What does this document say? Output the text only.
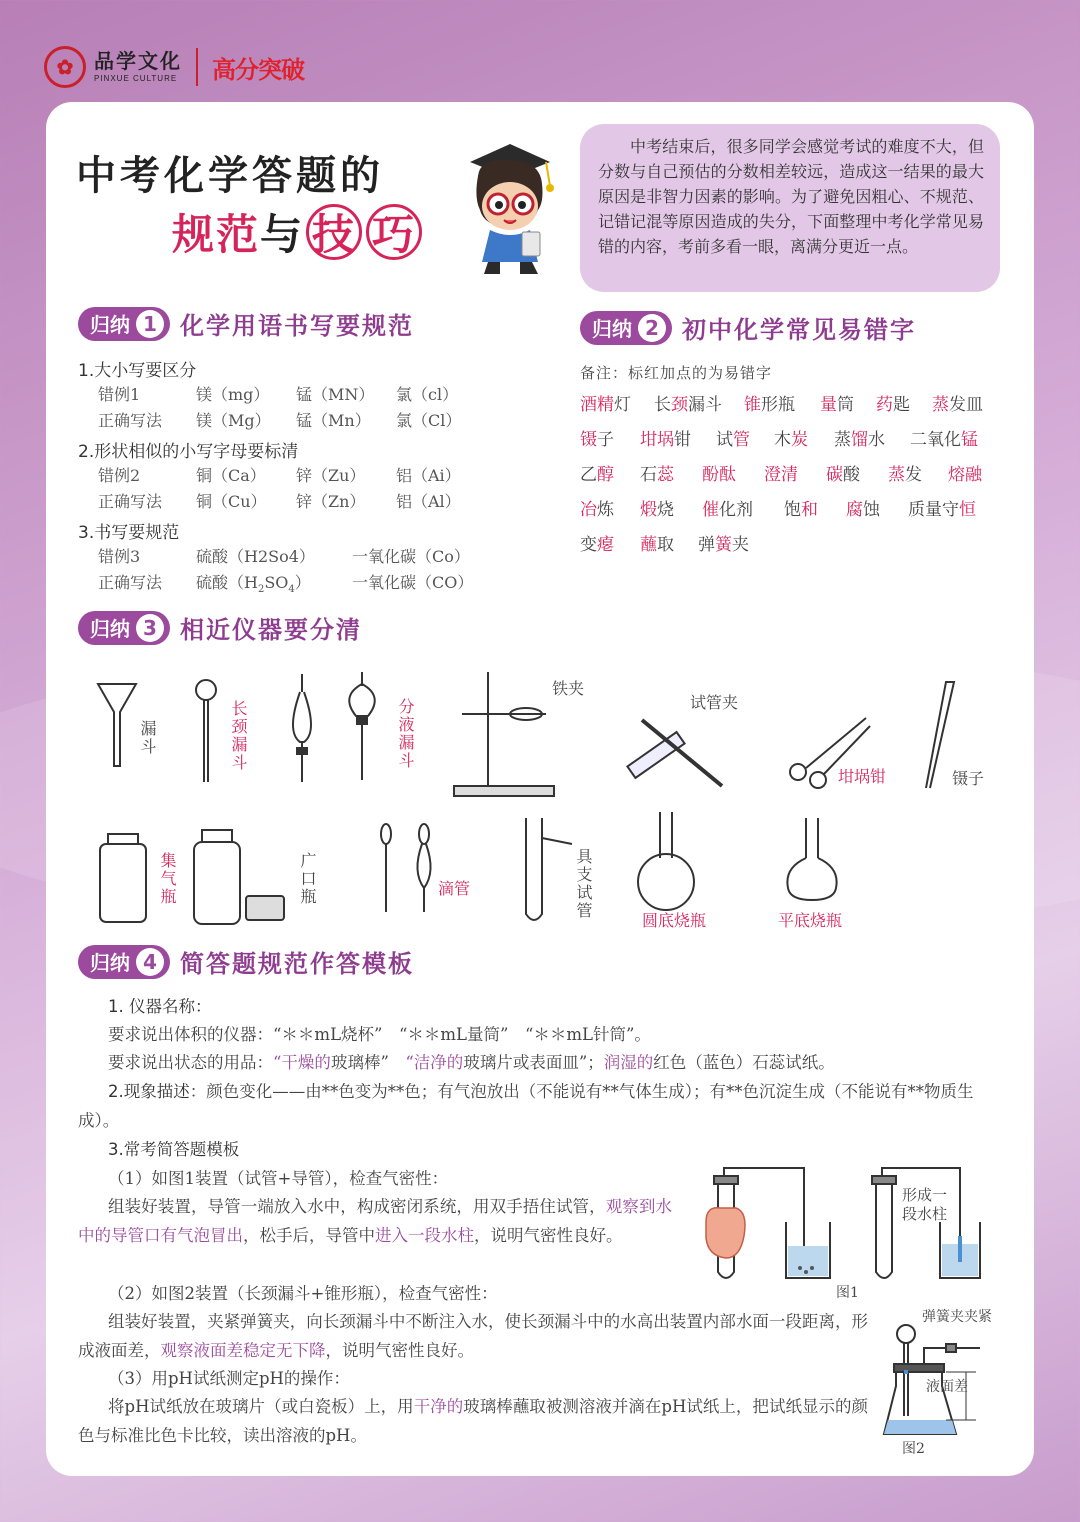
✿	品学文化
PINXUE CULTURE 高分突破
中考化学答题的
规范 与 技 巧
中考结束后，很多同学会感觉考试的难度不大，但分数与自己预估的分数相差较远，造成这一结果的最大原因是非智力因素的影响。为了避免因粗心、不规范、记错记混等原因造成的失分，下面整理中考化学常见易错的内容，考前多看一眼，离满分更近一点。
归纳 1 化学用语书写要规范
1.大小写要区分
错例1	镁（mg） 锰（MN） 氯（cl）
正确写法 镁（Mg） 锰（Mn） 氯（Cl）
2.形状相似的小写字母要标清
错例2	铜（Ca） 锌（Zu） 铝（Ai）
正确写法 铜（Cu） 锌（Zn） 铝（Al）
3.书写要规范
错例3	硫酸（H2So4） 一氧化碳（Co）
正确写法 硫酸$(H_2SO_4)$	一氧化碳（CO）
归纳 2 初中化学常见易错字
备注：标红加点的为易错字
酒精灯 长颈漏斗 锥形瓶 量筒 药匙 蒸发皿
镊子 坩埚钳 试管 木炭 蒸馏水 二氧化锰
乙醇 石蕊 酚酞 澄清 碳酸 蒸发 熔融
冶炼 煅烧 催化剂 饱和 腐蚀 质量守恒
变瘪 蘸取 弹簧夹
归纳 3 相近仪器要分清
漏斗	长颈漏斗	分液漏斗
铁夹
试管夹
坩埚钳	镊子
集气瓶	广口瓶	滴管	具支试管
圆底烧瓶	平底烧瓶
归纳 4 简答题规范作答模板
1. 仪器名称：
要求说出体积的仪器：“＊＊mL烧杯”　“＊＊mL量筒”　“＊＊mL针筒”。
要求说出状态的用品：“干燥的玻璃棒”　“洁净的玻璃片或表面皿”；润湿的红色（蓝色）石蕊试纸。
2.现象描述：颜色变化——由**色变为**色；有气泡放出（不能说有**气体生成）；有**色沉淀生成（不能说有**物质生成）。
3.常考简答题模板
（1）如图1装置（试管+导管），检查气密性：
组装好装置，导管一端放入水中，构成密闭系统，用双手捂住试管，观察到水中的导管口有气泡冒出，松手后，导管中进入一段水柱，说明气密性良好。
（2）如图2装置（长颈漏斗+锥形瓶），检查气密性：
组装好装置，夹紧弹簧夹，向长颈漏斗中不断注入水，使长颈漏斗中的水高出装置内部水面一段距离，形成液面差，观察液面差稳定无下降，说明气密性良好。
（3）用pH试纸测定pH的操作：
将pH试纸放在玻璃片（或白瓷板）上，用干净的玻璃棒蘸取被测溶液并滴在pH试纸上，把试纸显示的颜色与标准比色卡比较，读出溶液的pH。
图1
形成一段水柱
弹簧夹夹紧
液面差
图2
